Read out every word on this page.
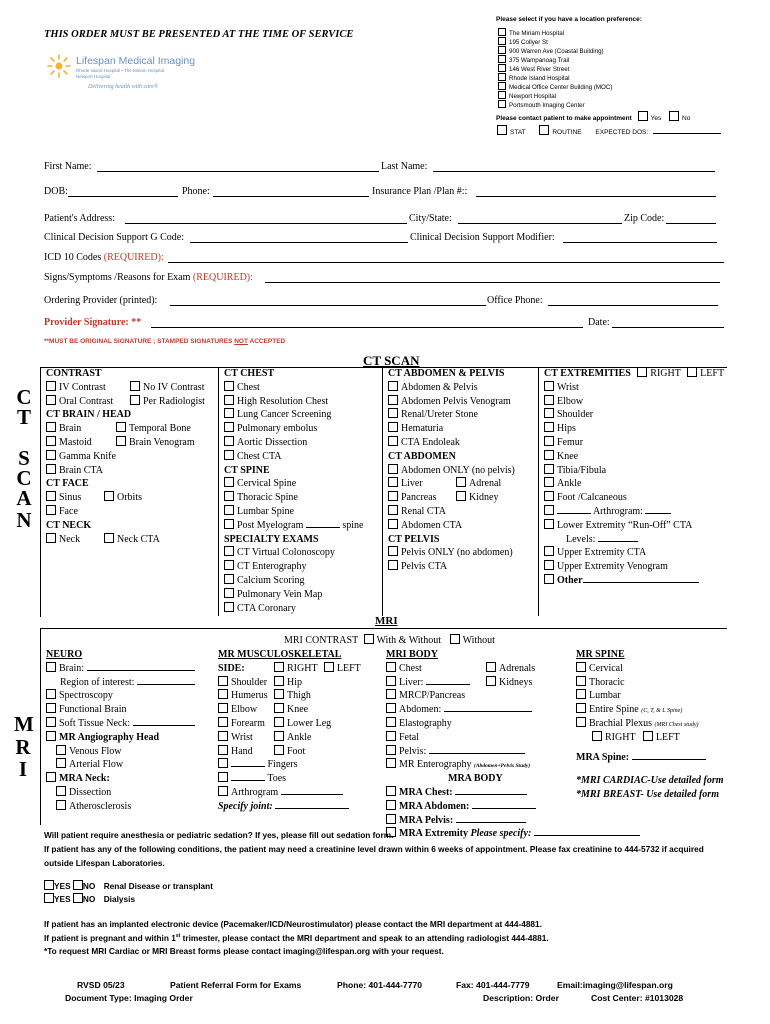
THIS ORDER MUST BE PRESENTED AT THE TIME OF SERVICE
Lifespan Medical Imaging
Rhode Island Hospital • The Miriam Hospital
Newport Hospital
Delivering health with care®
Please select if you have a location preference:
The Miriam Hospital
195 Collyer St
900 Warren Ave (Coastal Building)
375 Wampanoag Trail
146 West River Street
Rhode Island Hospital
Medical Office Center Building (MOC)
Newport Hospital
Portsmouth Imaging Center
Please contact patient to make appointment	Yes	No
STAT	ROUTINE EXPECTED DOS:
First Name:	Last Name:
DOB:	Phone:	Insurance Plan /Plan #::
Patient's Address:	City/State:	Zip Code:
Clinical Decision Support G Code:	Clinical Decision Support Modifier:
ICD 10 Codes (REQUIRED):
Signs/Symptoms /Reasons for Exam (REQUIRED):
Ordering Provider (printed):	Office Phone:
Provider Signature: **	Date:
**MUST BE ORIGINAL SIGNATURE ; STAMPED SIGNATURES NOT ACCEPTED
CT SCAN
C
T
S
C
A
N
CONTRAST
IV Contrast	No IV Contrast
Oral Contrast	Per Radiologist
CT BRAIN / HEAD
Brain	Temporal Bone
Mastoid	Brain Venogram
Gamma Knife
Brain CTA
CT FACE
Sinus	Orbits
Face
CT NECK
Neck	Neck CTA
CT CHEST
Chest
High Resolution Chest
Lung Cancer Screening
Pulmonary embolus
Aortic Dissection
Chest CTA
CT SPINE
Cervical Spine
Thoracic Spine
Lumbar Spine
Post Myelogram	spine
SPECIALTY EXAMS
CT Virtual Colonoscopy
CT Enterography
Calcium Scoring
Pulmonary Vein Map
CTA Coronary
CT ABDOMEN & PELVIS
Abdomen & Pelvis
Abdomen Pelvis Venogram
Renal/Ureter Stone
Hematuria
CTA Endoleak
CT ABDOMEN
Abdomen ONLY (no pelvis)
Liver	Adrenal
Pancreas	Kidney
Renal CTA
Abdomen CTA
CT PELVIS
Pelvis ONLY (no abdomen)
Pelvis CTA
CT EXTREMITIES RIGHT LEFT
Wrist
Elbow
Shoulder
Hips
Femur
Knee
Tibia/Fibula
Ankle
Foot /Calcaneous
Arthrogram:
Lower Extremity “Run-Off” CTA
Levels:
Upper Extremity CTA
Upper Extremity Venogram
Other
MRI
M
R
I
MRI CONTRAST With & Without Without
NEURO
Brain:
Region of interest:
Spectroscopy
Functional Brain
Soft Tissue Neck:
MR Angiography Head
Venous Flow
Arterial Flow
MRA Neck:
Dissection
Atherosclerosis
MR MUSCULOSKELETAL
SIDE:	RIGHT LEFT
Shoulder	Hip
Humerus	Thigh
Elbow	Knee
Forearm	Lower Leg
Wrist	Ankle
Hand	Foot
Fingers
Toes
Arthrogram
Specify joint:
MRI BODY
Chest	Adrenals
Liver:	Kidneys
MRCP/Pancreas
Abdomen:
Elastography
Fetal
Pelvis:
MR Enterography (Abdomen+Pelvis Study)
MRA BODY
MRA Chest:
MRA Abdomen:
MRA Pelvis:
MRA Extremity Please specify:
MR SPINE
Cervical
Thoracic
Lumbar
Entire Spine (C, T, & L Spine)
Brachial Plexus (MRI Chest study)
RIGHT LEFT
MRA Spine:
*MRI CARDIAC-Use detailed form
*MRI BREAST- Use detailed form
Will patient require anesthesia or pediatric sedation? If yes, please fill out sedation form.
If patient has any of the following conditions, the patient may need a creatinine level drawn within 6 weeks of appointment. Please fax creatinine to 444-5732 if acquired outside Lifespan Laboratories.
YES NO Renal Disease or transplant
YES NO Dialysis
If patient has an implanted electronic device (Pacemaker/ICD/Neurostimulator) please contact the MRI department at 444-4881.
If patient is pregnant and within 1st trimester, please contact the MRI department and speak to an attending radiologist 444-4881.
*To request MRI Cardiac or MRI Breast forms please contact imaging@lifespan.org with your request.
RVSD 05/23	Patient Referral Form for Exams	Phone: 401-444-7770	Fax: 401-444-7779	Email:imaging@lifespan.org
Document Type: Imaging Order	Description: Order	Cost Center: #1013028
